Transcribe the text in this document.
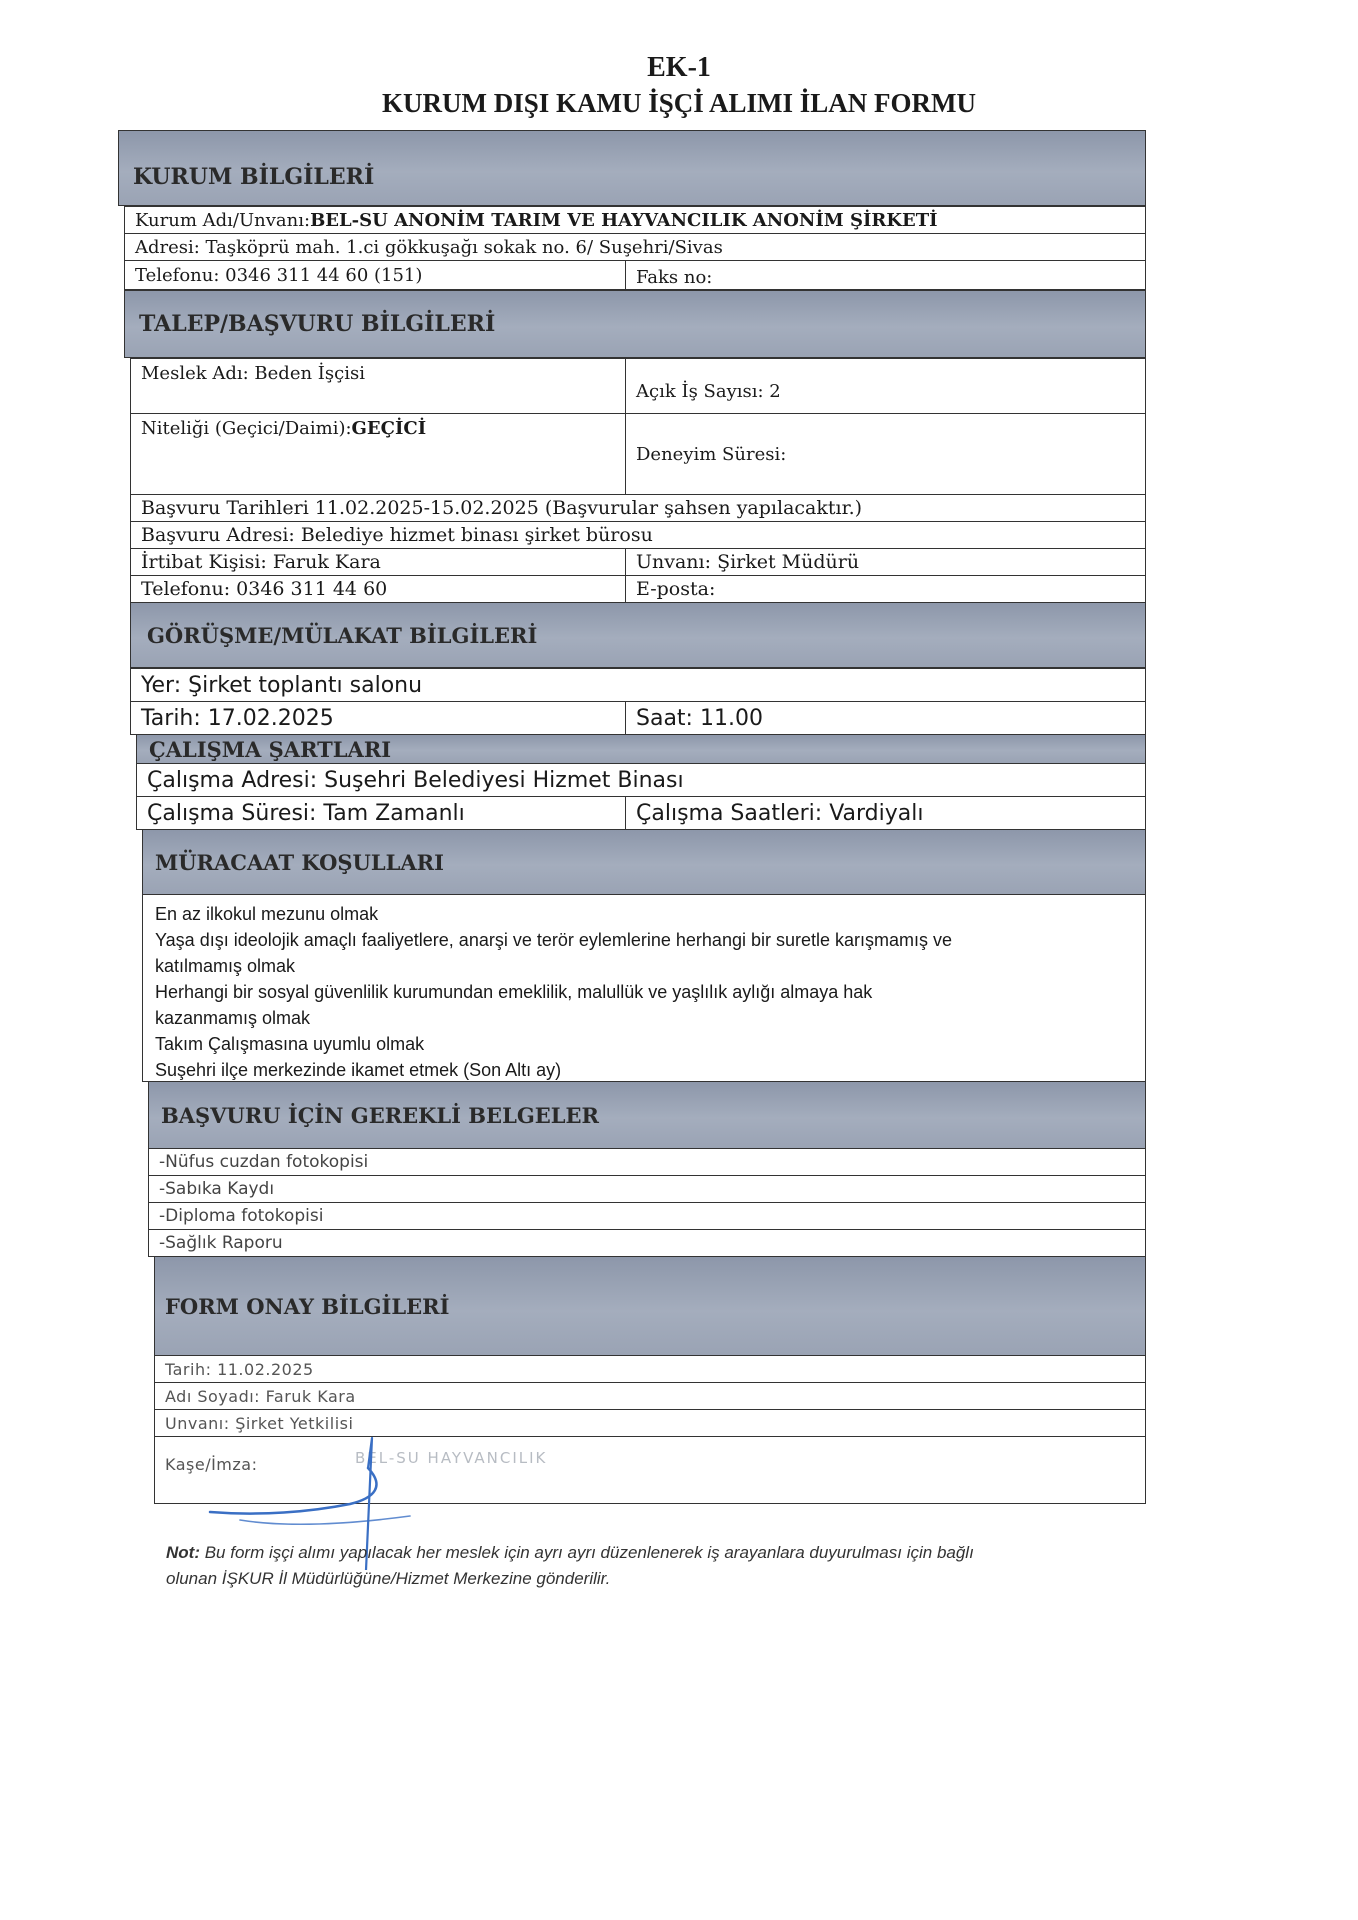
EK-1
KURUM DIŞI KAMU İŞÇİ ALIMI İLAN FORMU
KURUM BİLGİLERİ
Kurum Adı/Unvanı: BEL-SU ANONİM TARIM VE HAYVANCILIK ANONİM ŞİRKETİ
Adresi: Taşköprü mah. 1.ci gökkuşağı sokak no. 6/ Suşehri/Sivas
Telefonu: 0346 311 44 60 (151)	Faks no:
TALEP/BAŞVURU BİLGİLERİ
Meslek Adı: Beden İşçisi
Açık İş Sayısı: 2
Niteliği (Geçici/Daimi):GEÇİCİ
Deneyim Süresi:
Başvuru Tarihleri 11.02.2025-15.02.2025 (Başvurular şahsen yapılacaktır.)
Başvuru Adresi: Belediye hizmet binası şirket bürosu
İrtibat Kişisi: Faruk Kara	Unvanı: Şirket Müdürü
Telefonu: 0346 311 44 60	E-posta:
GÖRÜŞME/MÜLAKAT BİLGİLERİ
Yer: Şirket toplantı salonu
Tarih: 17.02.2025	Saat: 11.00
ÇALIŞMA ŞARTLARI
Çalışma Adresi: Suşehri Belediyesi Hizmet Binası
Çalışma Süresi: Tam Zamanlı	Çalışma Saatleri: Vardiyalı
MÜRACAAT KOŞULLARI
En az ilkokul mezunu olmak
Yaşa dışı ideolojik amaçlı faaliyetlere, anarşi ve terör eylemlerine herhangi bir suretle karışmamış ve
katılmamış olmak
Herhangi bir sosyal güvenlilik kurumundan emeklilik, malullük ve yaşlılık aylığı almaya hak
kazanmamış olmak
Takım Çalışmasına uyumlu olmak
Suşehri ilçe merkezinde ikamet etmek (Son Altı ay)
BAŞVURU İÇİN GEREKLİ BELGELER
-Nüfus cuzdan fotokopisi
-Sabıka Kaydı
-Diploma fotokopisi
-Sağlık Raporu
FORM ONAY BİLGİLERİ
Tarih: 11.02.2025
Adı Soyadı: Faruk Kara
Unvanı: Şirket Yetkilisi
Kaşe/İmza:	BEL-SU HAYVANCILIK
Not: Bu form işçi alımı yapılacak her meslek için ayrı ayrı düzenlenerek iş arayanlara duyurulması için bağlı
olunan İŞKUR İl Müdürlüğüne/Hizmet Merkezine gönderilir.
